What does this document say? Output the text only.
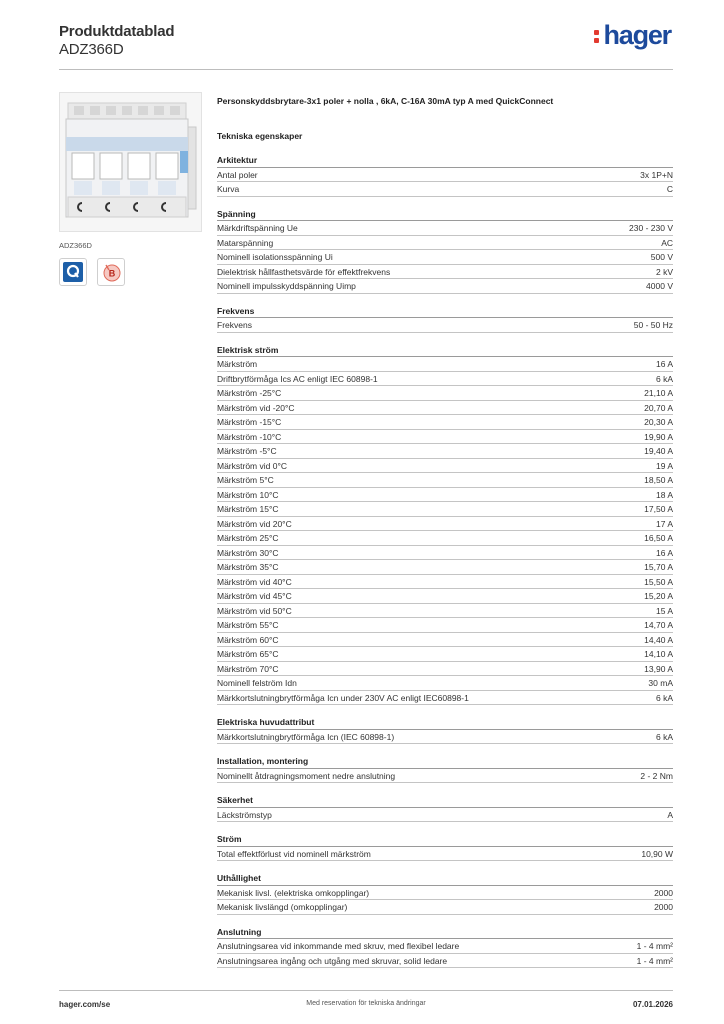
Produktdatablad
ADZ366D	hager
ADZ366D
B
Personskyddsbrytare-3x1 poler + nolla , 6kA, C-16A 30mA typ A med QuickConnect
Tekniska egenskaper
Arkitektur
Antal poler	3x 1P+N
Kurva	C
Spänning
Märkdriftspänning Ue	230 - 230 V
Matarspänning	AC
Nominell isolationsspänning Ui	500 V
Dielektrisk hållfasthetsvärde för effektfrekvens	2 kV
Nominell impulsskyddspänning Uimp	4000 V
Frekvens
Frekvens	50 - 50 Hz
Elektrisk ström
Märkström	16 A
Driftbrytförmåga Ics AC enligt IEC 60898-1	6 kA
Märkström -25°C	21,10 A
Märkström vid -20°C	20,70 A
Märkström -15°C	20,30 A
Märkström -10°C	19,90 A
Märkström -5°C	19,40 A
Märkström vid 0°C	19 A
Märkström 5°C	18,50 A
Märkström 10°C	18 A
Märkström 15°C	17,50 A
Märkström vid 20°C	17 A
Märkström 25°C	16,50 A
Märkström 30°C	16 A
Märkström 35°C	15,70 A
Märkström vid 40°C	15,50 A
Märkström vid 45°C	15,20 A
Märkström vid 50°C	15 A
Märkström 55°C	14,70 A
Märkström 60°C	14,40 A
Märkström 65°C	14,10 A
Märkström 70°C	13,90 A
Nominell felström Idn	30 mA
Märkkortslutningbrytförmåga Icn under 230V AC enligt IEC60898-1	6 kA
Elektriska huvudattribut
Märkkortslutningbrytförmåga Icn (IEC 60898-1)	6 kA
Installation, montering
Nominellt åtdragningsmoment nedre anslutning	2 - 2 Nm
Säkerhet
Läckströmstyp	A
Ström
Total effektförlust vid nominell märkström	10,90 W
Uthållighet
Mekanisk livsl. (elektriska omkopplingar)	2000
Mekanisk livslängd (omkopplingar)	2000
Anslutning
Anslutningsarea vid inkommande med skruv, med flexibel ledare	1 - 4 mm²
Anslutningsarea ingång och utgång med skruvar, solid ledare	1 - 4 mm²
hager.com/se	Med reservation för tekniska ändringar	07.01.2026
